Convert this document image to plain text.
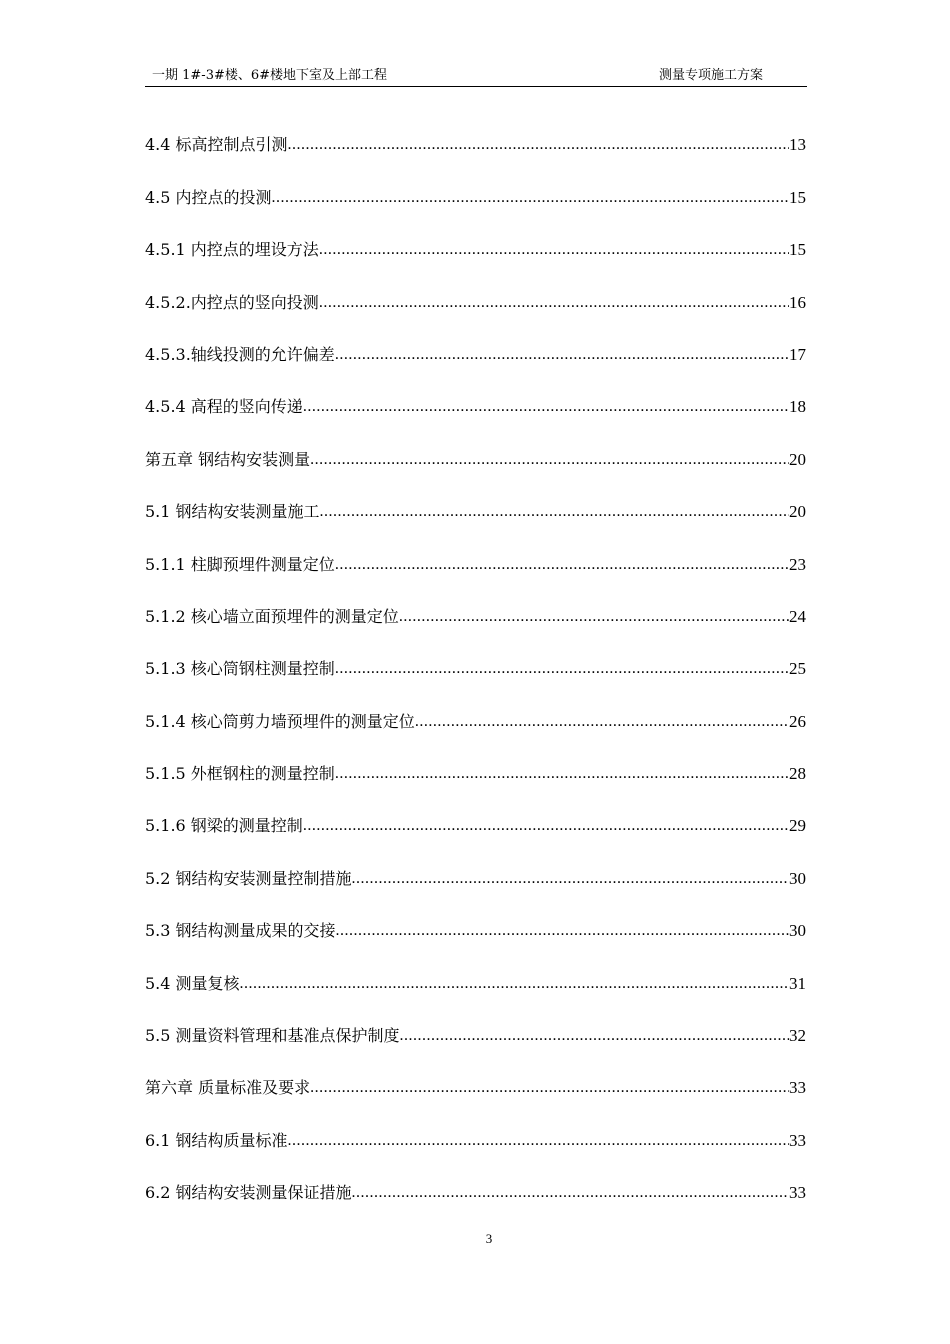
一期 1#-3#楼、6#楼地下室及上部工程	测量专项施工方案
4.4 标高控制点引测 .....	13
4.5 内控点的投测 .....	15
4.5.1 内控点的埋设方法 .....	15
4.5.2.内控点的竖向投测 .....	16
4.5.3.轴线投测的允许偏差 .....	17
4.5.4 高程的竖向传递 .....	18
第五章 钢结构安装测量 .....	20
5.1 钢结构安装测量施工 .....	20
5.1.1 柱脚预埋件测量定位 .....	23
5.1.2 核心墙立面预埋件的测量定位 .....	24
5.1.3 核心筒钢柱测量控制 .....	25
5.1.4 核心筒剪力墙预埋件的测量定位 .....	26
5.1.5 外框钢柱的测量控制 .....	28
5.1.6 钢梁的测量控制 .....	29
5.2 钢结构安装测量控制措施 .....	30
5.3 钢结构测量成果的交接 .....	30
5.4 测量复核 .....	31
5.5 测量资料管理和基准点保护制度 .....	32
第六章 质量标准及要求 .....	33
6.1 钢结构质量标准 .....	33
6.2 钢结构安装测量保证措施 .....	33
3
